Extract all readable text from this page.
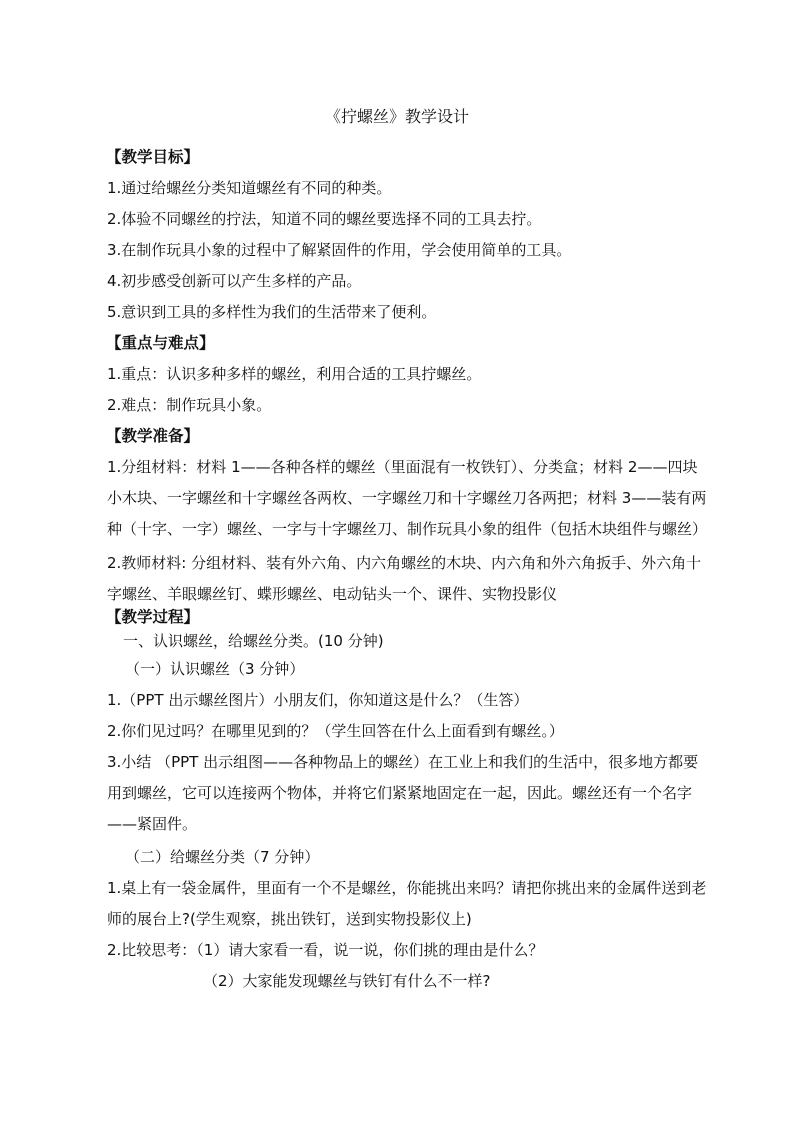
《拧螺丝》教学设计
【教学目标】
1.通过给螺丝分类知道螺丝有不同的种类。
2.体验不同螺丝的拧法，知道不同的螺丝要选择不同的工具去拧。
3.在制作玩具小象的过程中了解紧固件的作用，学会使用简单的工具。
4.初步感受创新可以产生多样的产品。
5.意识到工具的多样性为我们的生活带来了便利。
【重点与难点】
1.重点：认识多种多样的螺丝，利用合适的工具拧螺丝。
2.难点：制作玩具小象。
【教学准备】
1.分组材料：材料 1——各种各样的螺丝（里面混有一枚铁钉）、分类盒；材料 2——四块小木块、一字螺丝和十字螺丝各两枚、一字螺丝刀和十字螺丝刀各两把；材料 3——装有两种（十字、一字）螺丝、一字与十字螺丝刀、制作玩具小象的组件（包括木块组件与螺丝）
2.教师材料: 分组材料、装有外六角、内六角螺丝的木块、内六角和外六角扳手、外六角十字螺丝、羊眼螺丝钉、蝶形螺丝、电动钻头一个、课件、实物投影仪
【教学过程】
一、认识螺丝，给螺丝分类。(10 分钟)
（一）认识螺丝（3 分钟）
1.（PPT 出示螺丝图片）小朋友们，你知道这是什么？（生答）
2.你们见过吗？在哪里见到的？（学生回答在什么上面看到有螺丝。）
3.小结 （PPT 出示组图——各种物品上的螺丝）在工业上和我们的生活中，很多地方都要用到螺丝，它可以连接两个物体，并将它们紧紧地固定在一起，因此。螺丝还有一个名字——紧固件。
（二）给螺丝分类（7 分钟）
1.桌上有一袋金属件，里面有一个不是螺丝，你能挑出来吗？请把你挑出来的金属件送到老师的展台上?(学生观察，挑出铁钉，送到实物投影仪上)
2.比较思考：（1）请大家看一看，说一说，你们挑的理由是什么？
（2）大家能发现螺丝与铁钉有什么不一样?
